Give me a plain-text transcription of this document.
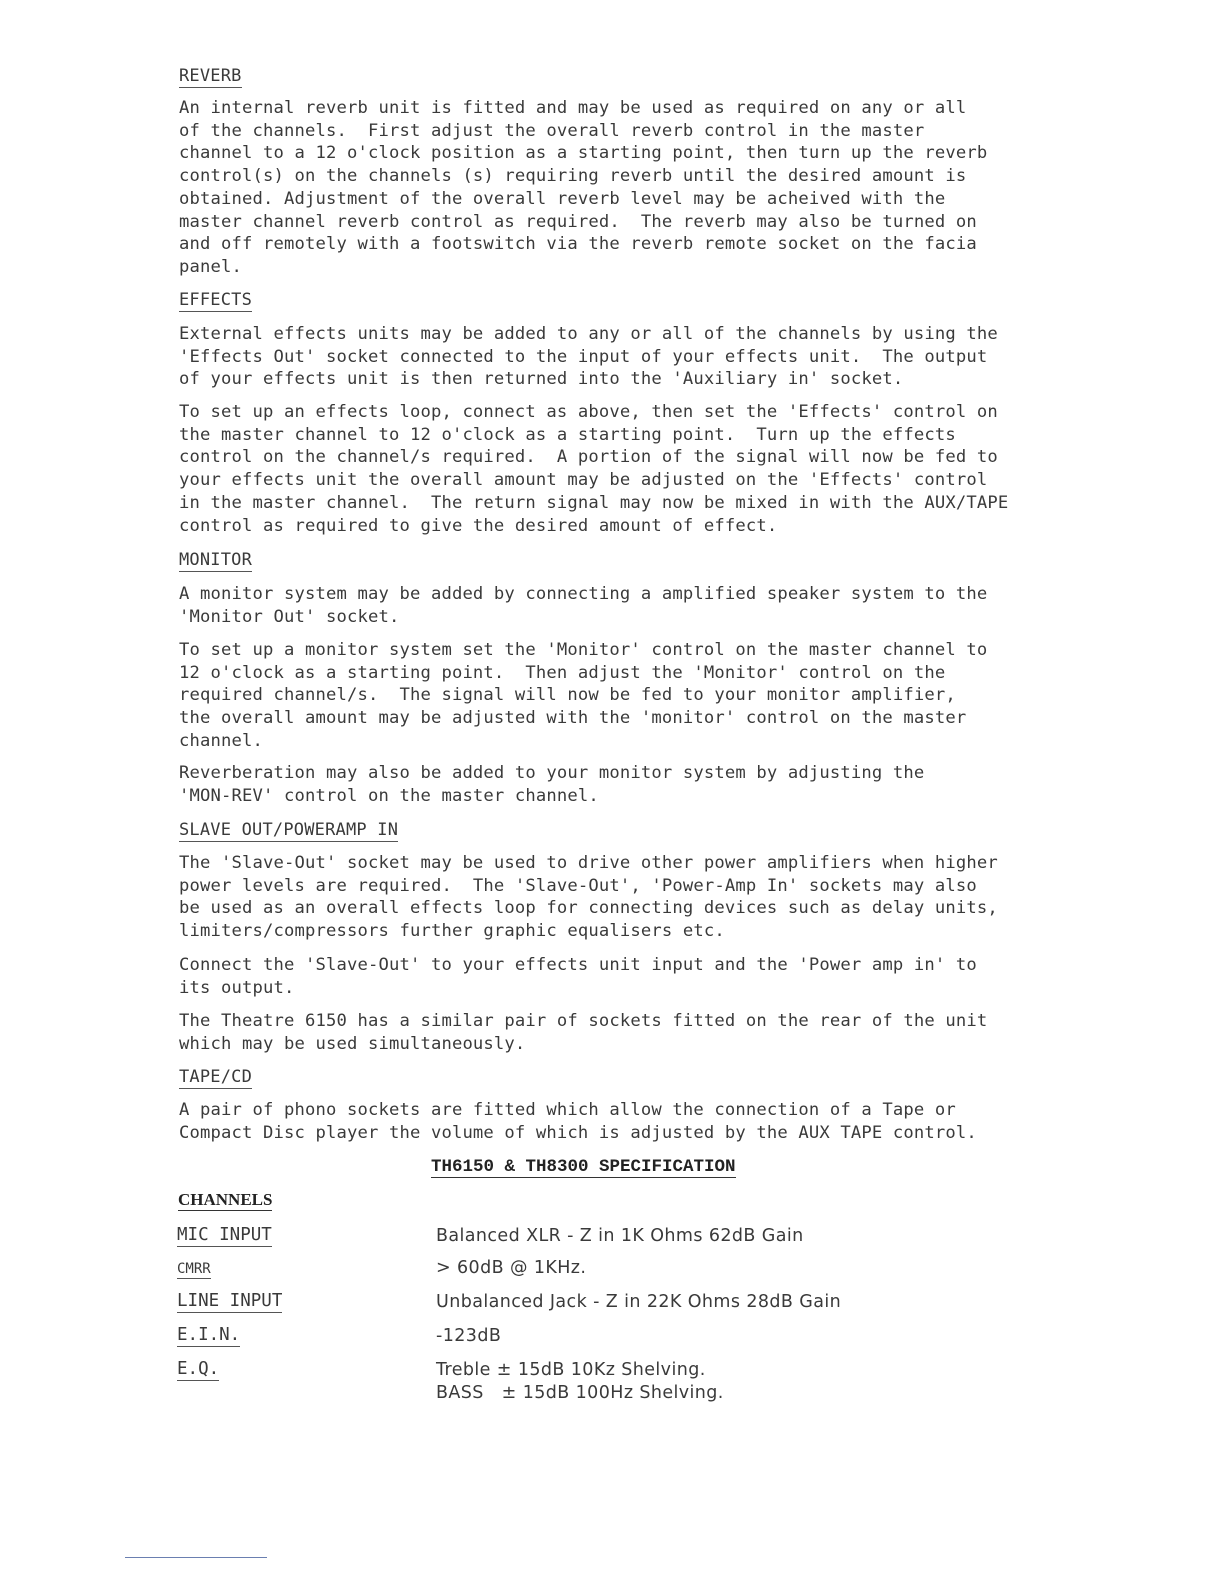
REVERB

An internal reverb unit is fitted and may be used as required on any or all
of the channels.  First adjust the overall reverb control in the master
channel to a 12 o'clock position as a starting point, then turn up the reverb
control(s) on the channels (s) requiring reverb until the desired amount is
obtained. Adjustment of the overall reverb level may be acheived with the
master channel reverb control as required.  The reverb may also be turned on
and off remotely with a footswitch via the reverb remote socket on the facia
panel.

EFFECTS

External effects units may be added to any or all of the channels by using the
'Effects Out' socket connected to the input of your effects unit.  The output
of your effects unit is then returned into the 'Auxiliary in' socket.

To set up an effects loop, connect as above, then set the 'Effects' control on
the master channel to 12 o'clock as a starting point.  Turn up the effects
control on the channel/s required.  A portion of the signal will now be fed to
your effects unit the overall amount may be adjusted on the 'Effects' control
in the master channel.  The return signal may now be mixed in with the AUX/TAPE
control as required to give the desired amount of effect.

MONITOR

A monitor system may be added by connecting a amplified speaker system to the
'Monitor Out' socket.

To set up a monitor system set the 'Monitor' control on the master channel to
12 o'clock as a starting point.  Then adjust the 'Monitor' control on the
required channel/s.  The signal will now be fed to your monitor amplifier,
the overall amount may be adjusted with the 'monitor' control on the master
channel.

Reverberation may also be added to your monitor system by adjusting the
'MON-REV' control on the master channel.

SLAVE OUT/POWERAMP IN

The 'Slave-Out' socket may be used to drive other power amplifiers when higher
power levels are required.  The 'Slave-Out', 'Power-Amp In' sockets may also
be used as an overall effects loop for connecting devices such as delay units,
limiters/compressors further graphic equalisers etc.

Connect the 'Slave-Out' to your effects unit input and the 'Power amp in' to
its output.

The Theatre 6150 has a similar pair of sockets fitted on the rear of the unit
which may be used simultaneously.

TAPE/CD

A pair of phono sockets are fitted which allow the connection of a Tape or
Compact Disc player the volume of which is adjusted by the AUX TAPE control.

TH6150 & TH8300 SPECIFICATION
CHANNELS
MIC INPUT	Balanced XLR - Z in 1K Ohms 62dB Gain
CMRR	> 60dB @ 1KHz.
LINE INPUT	Unbalanced Jack - Z in 22K Ohms 28dB Gain
E.I.N.	-123dB
E.Q.	Treble ± 15dB 10Kz Shelving.
BASS   ± 15dB 100Hz Shelving.
